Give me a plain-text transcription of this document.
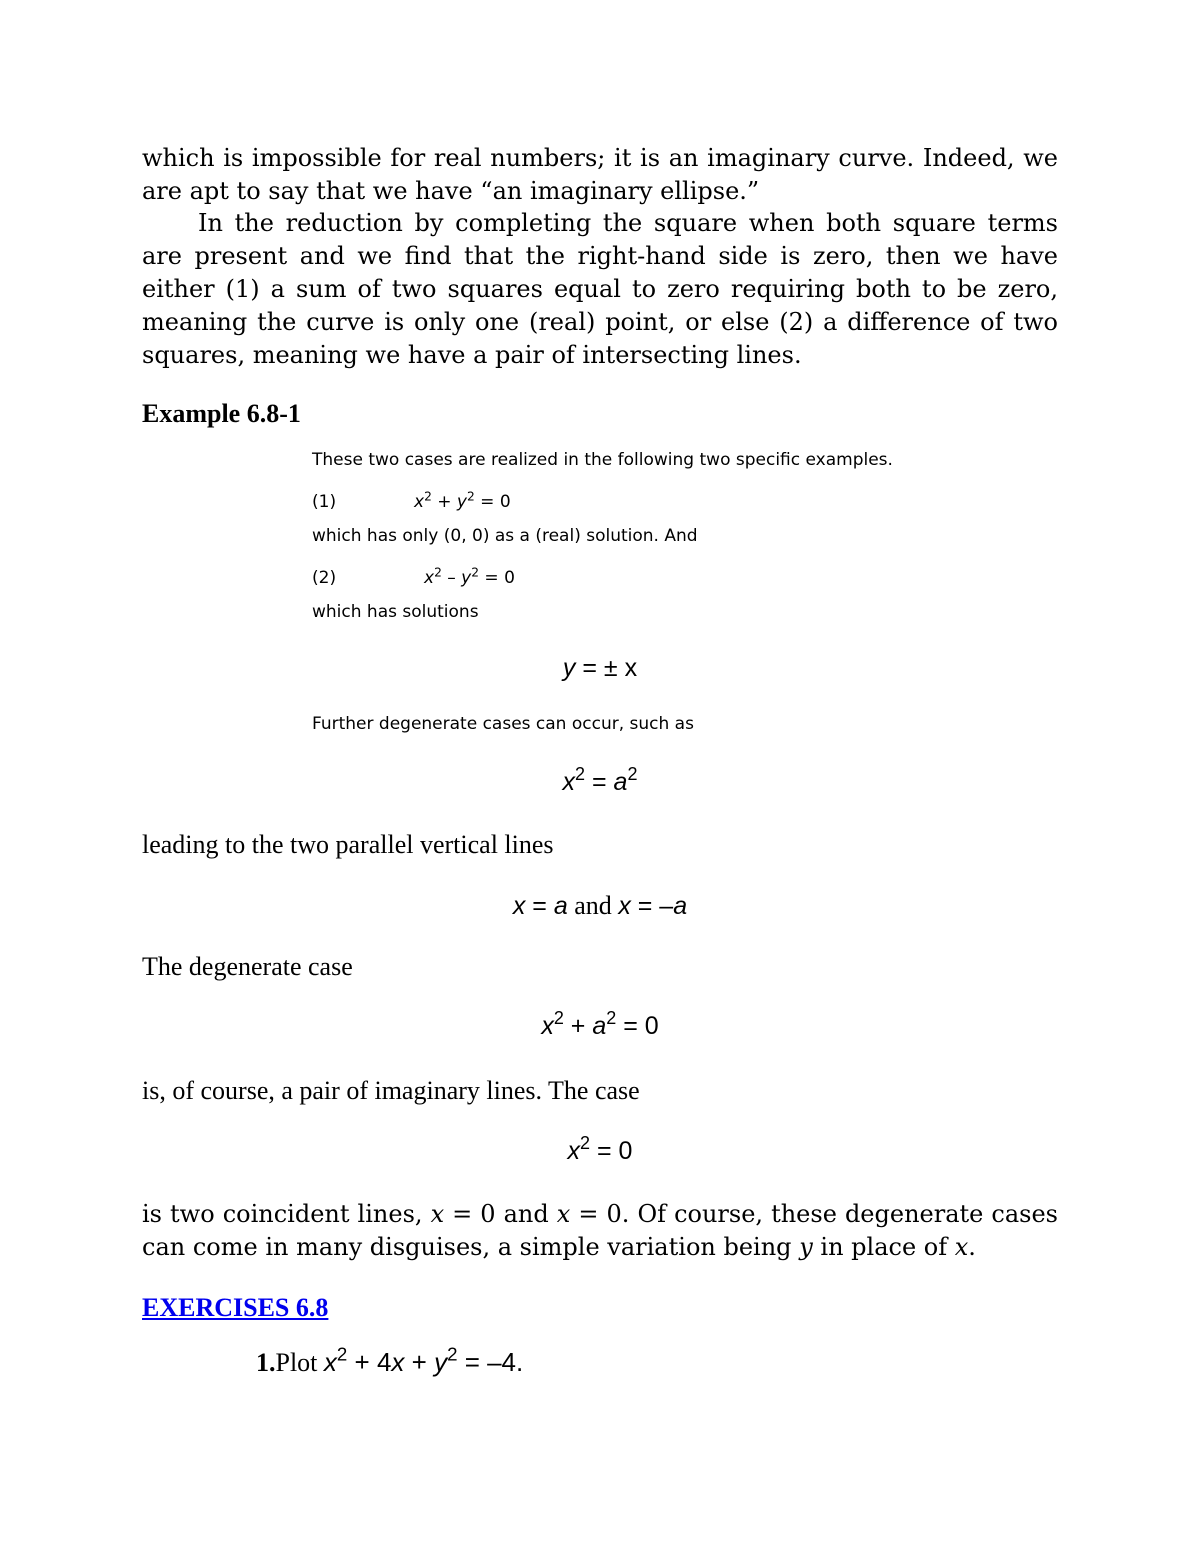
which is impossible for real numbers; it is an imaginary curve. Indeed, we are apt to say that we have “an imaginary ellipse.”
In the reduction by completing the square when both square terms are present and we find that the right-hand side is zero, then we have either (1) a sum of two squares equal to zero requiring both to be zero, meaning the curve is only one (real) point, or else (2) a difference of two squares, meaning we have a pair of intersecting lines.
Example 6.8-1
These two cases are realized in the following two specific examples.
(1)	$x^2 + y^2 = 0$
which has only (0, 0) as a (real) solution. And
(2)	$x^2 - y^2 = 0$
which has solutions
y = ± x
Further degenerate cases can occur, such as
$x^2 = a^2$
leading to the two parallel vertical lines
x = a and x = –a
The degenerate case
$x^2 + a^2 = 0$
is, of course, a pair of imaginary lines. The case
$x^2 = 0$
is two coincident lines, x = 0 and x = 0. Of course, these degenerate cases can come in many disguises, a simple variation being y in place of x.
EXERCISES 6.8
1.Plot $x^2 + 4x + y^2 = -4$.
